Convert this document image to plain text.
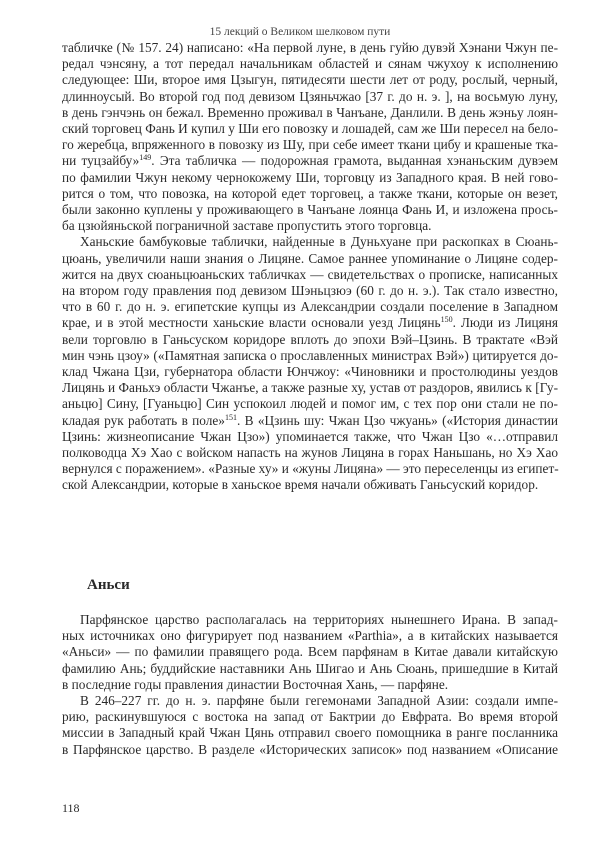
15 лекций о Великом шелковом пути
табличке (№ 157. 24) написано: «На первой луне, в день гуйю дувэй Хэнани Чжун пе-
редал чэнсяну, а тот передал начальникам областей и сянам чжухоу к исполнению
следующее: Ши, второе имя Цзыгун, пятидесяти шести лет от роду, рослый, черный,
длинноусый. Во второй год под девизом Цзяньчжао [37 г. до н. э. ], на восьмую луну,
в день гэнчэнь он бежал. Временно проживал в Чанъане, Данлили. В день жэньу лоян-
ский торговец Фань И купил у Ши его повозку и лошадей, сам же Ши пересел на бело-
го жеребца, впряженного в повозку из Шу, при себе имеет ткани цибу и крашеные тка-
ни туцзайбу»$^{149}$. Эта табличка — подорожная грамота, выданная хэнаньским дувэем
по фамилии Чжун некому чернокожему Ши, торговцу из Западного края. В ней гово-
рится о том, что повозка, на которой едет торговец, а также ткани, которые он везет,
были законно куплены у проживающего в Чанъане лоянца Фань И, и изложена прось-
ба цзюйяньской пограничной заставе пропустить этого торговца.
Ханьские бамбуковые таблички, найденные в Дуньхуане при раскопках в Сюань-
цюань, увеличили наши знания о Лицяне. Самое раннее упоминание о Лицяне содер-
жится на двух сюаньцюаньских табличках — свидетельствах о прописке, написанных
на втором году правления под девизом Шэньцзюэ (60 г. до н. э.). Так стало известно,
что в 60 г. до н. э. египетские купцы из Александрии создали поселение в Западном
крае, и в этой местности ханьские власти основали уезд Лицянь$^{150}$. Люди из Лицяня
вели торговлю в Ганьсуском коридоре вплоть до эпохи Вэй–Цзинь. В трактате «Вэй
мин чэнь цзоу» («Памятная записка о прославленных министрах Вэй») цитируется до-
клад Чжана Цзи, губернатора области Юнчжоу: «Чиновники и простолюдины уездов
Лицянь и Фаньхэ области Чжанъе, а также разные ху, устав от раздоров, явились к [Гу-
аньцю] Сину, [Гуаньцю] Син успокоил людей и помог им, с тех пор они стали не по-
кладая рук работать в поле»$^{151}$. В «Цзинь шу: Чжан Цзо чжуань» («История династии
Цзинь: жизнеописание Чжан Цзо») упоминается также, что Чжан Цзо «…отправил
полководца Хэ Хао с войском напасть на жунов Лицяна в горах Наньшань, но Хэ Хао
вернулся с поражением». «Разные ху» и «жуны Лицяна» — это переселенцы из египет-
ской Александрии, которые в ханьское время начали обживать Ганьсуский коридор.
Аньси
Парфянское царство располагалась на территориях нынешнего Ирана. В запад-
ных источниках оно фигурирует под названием «Parthia», а в китайских называется
«Аньси» — по фамилии правящего рода. Всем парфянам в Китае давали китайскую
фамилию Ань; буддийские наставники Ань Шигао и Ань Сюань, пришедшие в Китай
в последние годы правления династии Восточная Хань, — парфяне.
В 246–227 гг. до н. э. парфяне были гегемонами Западной Азии: создали импе-
рию, раскинувшуюся с востока на запад от Бактрии до Евфрата. Во время второй
миссии в Западный край Чжан Цянь отправил своего помощника в ранге посланника
в Парфянское царство. В разделе «Исторических записок» под названием «Описание
118
